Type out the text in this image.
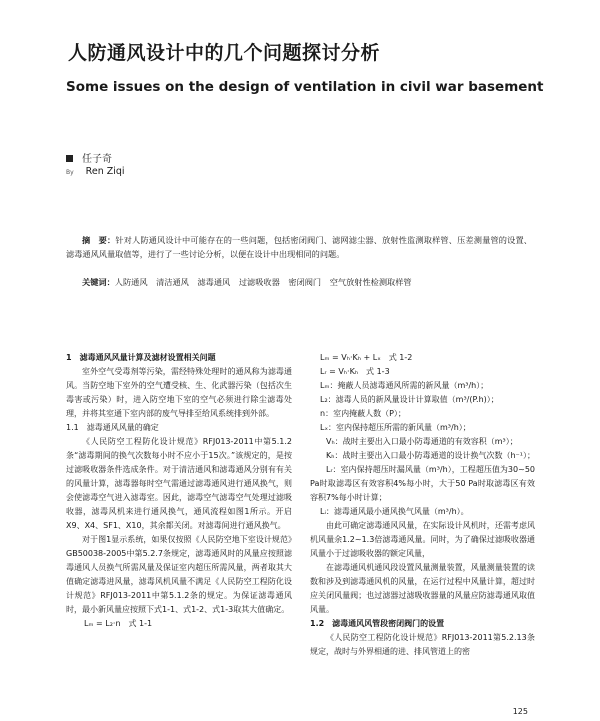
人防通风设计中的几个问题探讨分析
Some issues on the design of ventilation in civil war basement
任子奇
By Ren Ziqi
摘　要：针对人防通风设计中可能存在的一些问题，包括密闭阀门、滤网滤尘器、放射性监测取样管、压差测量管的设置、滤毒通风风量取值等，进行了一些讨论分析，以便在设计中出现相同的问题。
关键词：人防通风 清洁通风 滤毒通风 过滤吸收器 密闭阀门 空气放射性检测取样管

1　滤毒通风风量计算及滤材设置相关问题

室外空气受毒剂等污染，需经特殊处理时的通风称为滤毒通风。当防空地下室外的空气遭受核、生、化武器污染（包括次生毒害或污染）时，进入防空地下室的空气必须进行除尘滤毒处理，并将其室通下室内部的废气导排至给风系统排到外部。

1.1　滤毒通风风量的确定

《人民防空工程防化设计规范》RFJ013-2011中第5.1.2条“滤毒期间的换气次数每小时不应小于15次。”该规定的，是按过滤吸收器条件选成条件。对于清洁通风和滤毒通风分别有有关的风量计算，滤毒器每时空气需通过滤毒通风进行通风换气，则会使滤毒空气进入滤毒室。因此，滤毒空气滤毒空气处理过滤吸收器，滤毒风机来进行通风换气，通风流程如图1所示。开启X9、X4、SF1、X10，其余都关闭。对滤毒间进行通风换气。

对于图1显示系统，如果仅按照《人民防空地下室设计规范》GB50038-2005中第5.2.7条规定，滤毒通风时的风量应按照滤毒通风人员换气所需风量及保证室内超压所需风量，两者取其大值确定滤毒进风量，滤毒风机风量不满足《人民防空工程防化设计规范》RFJ013-2011中第5.1.2条的规定。为保证滤毒通风时，最小新风量应按照下式1-1、式1-2、式1-3取其大值确定。

Lₘ = L₂·n　式 1-1

Lₘ = Vₕ·Kₕ + Lₓ　式 1-2

Lᵣ = Vₕ·Kₕ　式 1-3

Lₘ：掩蔽人员滤毒通风所需的新风量（m³/h）；

L₂：滤毒人员的新风量设计计算取值（m³/(P.h)）；

n：室内掩蔽人数（P）；

Lₓ：室内保持超压所需的新风量（m³/h）；

Vₕ：战时主要出入口最小防毒通道的有效容积（m³）；

Kₕ：战时主要出入口最小防毒通道的设计换气次数（h⁻¹）；

Lᵣ：室内保持超压时漏风量（m³/h），工程超压值为30~50 Pa时取滤毒区有效容积4%每小时，大于50 Pa时取滤毒区有效容积7%每小时计算；

Lᵢ：滤毒通风最小通风换气风量（m³/h）。

由此可确定滤毒通风风量，在实际设计风机时，还需考虑风机风量余1.2~1.3倍滤毒通风量。同时，为了确保过滤吸收器通风量小于过滤吸收器的额定风量，

在滤毒通风机通风段设置风量测量装置，风量测量装置的读数和涉及到滤毒通风机的风量，在运行过程中风量计算，超过时应关闭风量阀；也过滤器过滤吸收器量的风量应防滤毒通风取值风量。

1.2　滤毒通风风管段密闭阀门的设置

《人民防空工程防化设计规范》RFJ013-2011第5.2.13条规定，战时与外界相通的进、排风管道上的密

125
